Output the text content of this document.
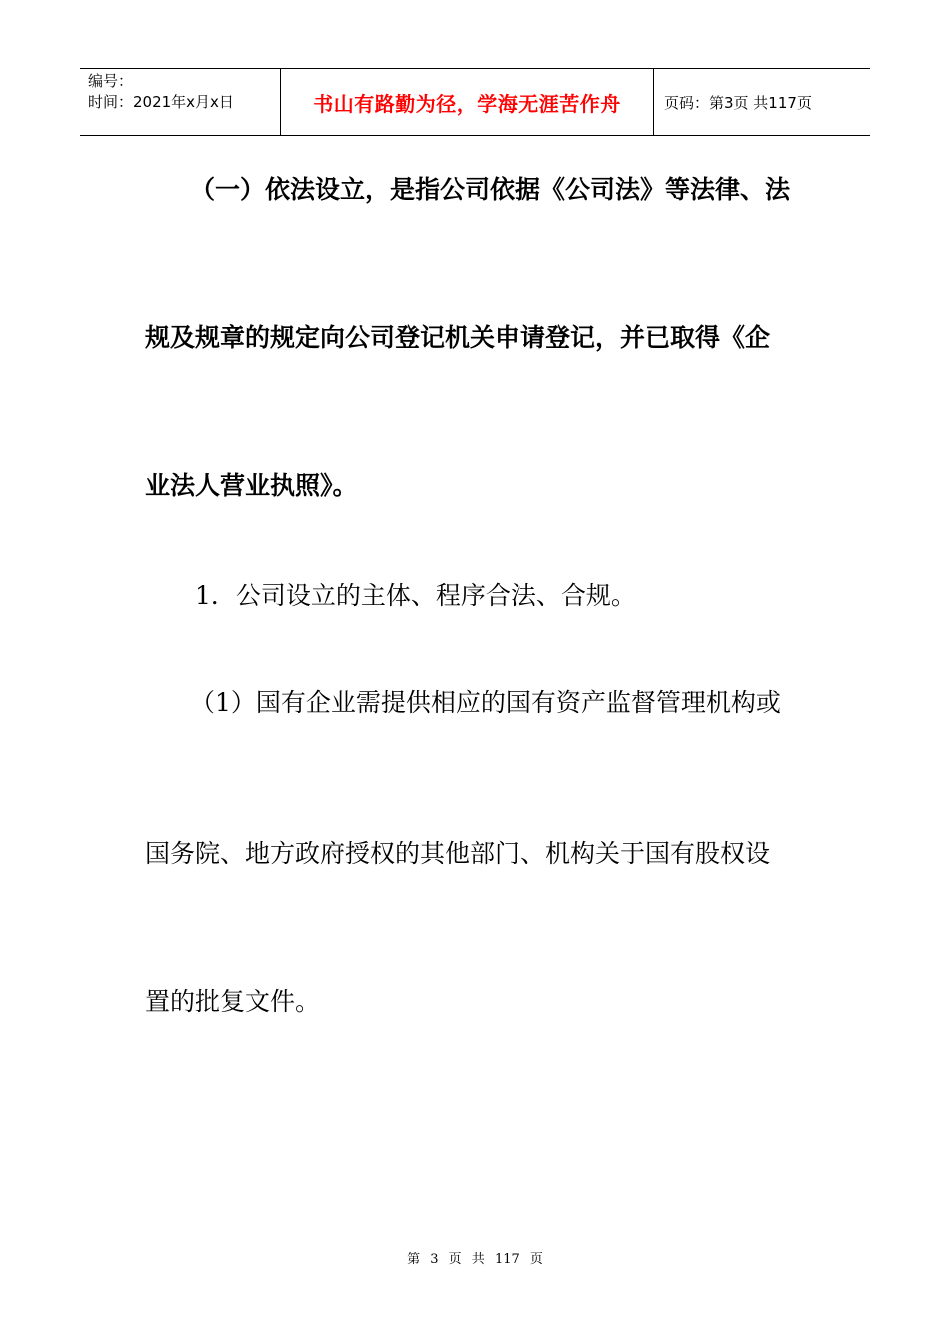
编号：
时间：2021年x月x日	书山有路勤为径，学海无涯苦作舟	页码：第3页 共117页
（一）依法设立，是指公司依据《公司法》等法律、法
规及规章的规定向公司登记机关申请登记，并已取得《企
业法人营业执照》。
1．公司设立的主体、程序合法、合规。
（1）国有企业需提供相应的国有资产监督管理机构或
国务院、地方政府授权的其他部门、机构关于国有股权设
置的批复文件。
第 3 页 共 117 页
